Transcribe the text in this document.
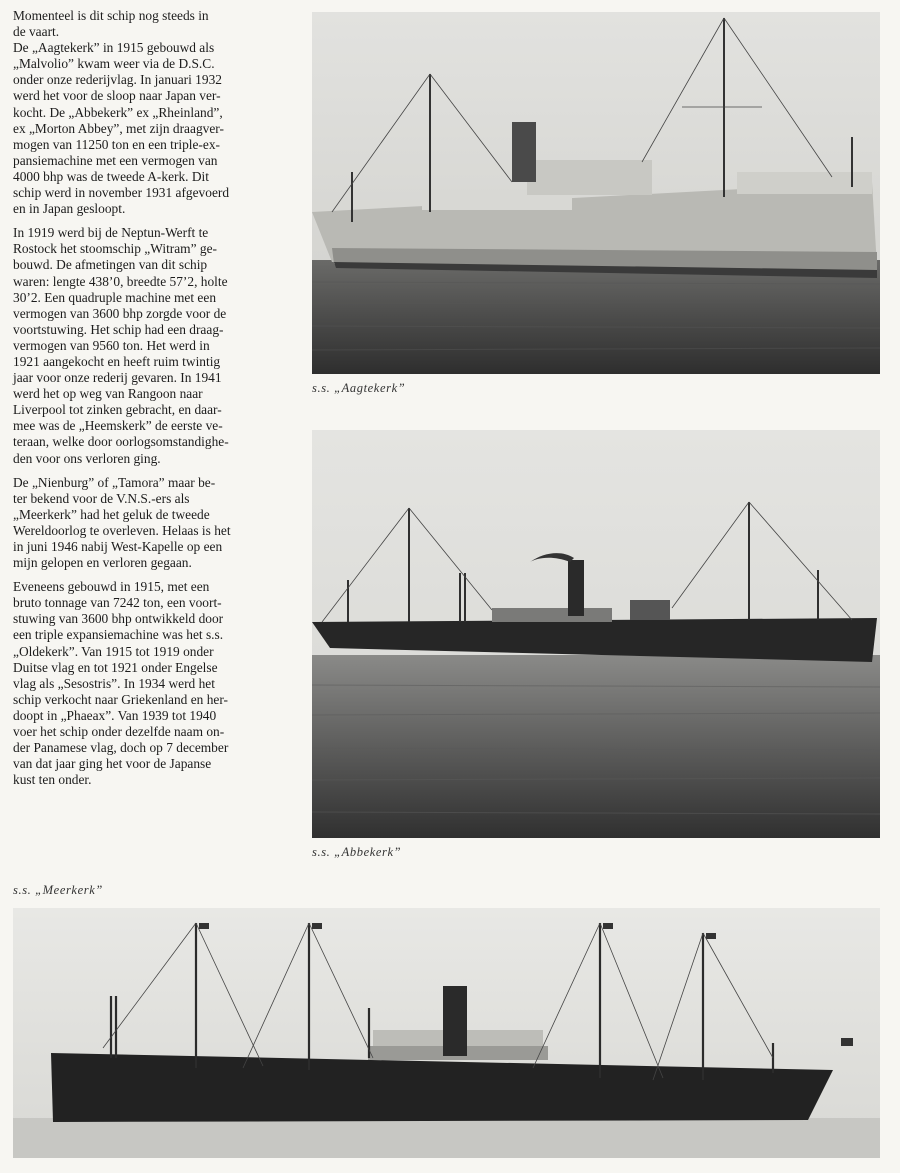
Momenteel is dit schip nog steeds in
de vaart.

De „Aagtekerk” in 1915 gebouwd als
„Malvolio” kwam weer via de D.S.C.
onder onze rederijvlag. In januari 1932
werd het voor de sloop naar Japan ver-
kocht. De „Abbekerk” ex „Rheinland”,
ex „Morton Abbey”, met zijn draagver-
mogen van 11250 ton en een triple-ex-
pansiemachine met een vermogen van
4000 bhp was de tweede A-kerk. Dit
schip werd in november 1931 afgevoerd
en in Japan gesloopt.

In 1919 werd bij de Neptun-Werft te
Rostock het stoomschip „Witram” ge-
bouwd. De afmetingen van dit schip
waren: lengte 438’0, breedte 57’2, holte
30’2. Een quadruple machine met een
vermogen van 3600 bhp zorgde voor de
voortstuwing. Het schip had een draag-
vermogen van 9560 ton. Het werd in
1921 aangekocht en heeft ruim twintig
jaar voor onze rederij gevaren. In 1941
werd het op weg van Rangoon naar
Liverpool tot zinken gebracht, en daar-
mee was de „Heemskerk” de eerste ve-
teraan, welke door oorlogsomstandighe-
den voor ons verloren ging.

De „Nienburg” of „Tamora” maar be-
ter bekend voor de V.N.S.-ers als
„Meerkerk” had het geluk de tweede
Wereldoorlog te overleven. Helaas is het
in juni 1946 nabij West-Kapelle op een
mijn gelopen en verloren gegaan.

Eveneens gebouwd in 1915, met een
bruto tonnage van 7242 ton, een voort-
stuwing van 3600 bhp ontwikkeld door
een triple expansiemachine was het s.s.
„Oldekerk”. Van 1915 tot 1919 onder
Duitse vlag en tot 1921 onder Engelse
vlag als „Sesostris”. In 1934 werd het
schip verkocht naar Griekenland en her-
doopt in „Phaeax”. Van 1939 tot 1940
voer het schip onder dezelfde naam on-
der Panamese vlag, doch op 7 december
van dat jaar ging het voor de Japanse
kust ten onder.

s.s. „Aagtekerk”
s.s. „Abbekerk”
s.s. „Meerkerk”
